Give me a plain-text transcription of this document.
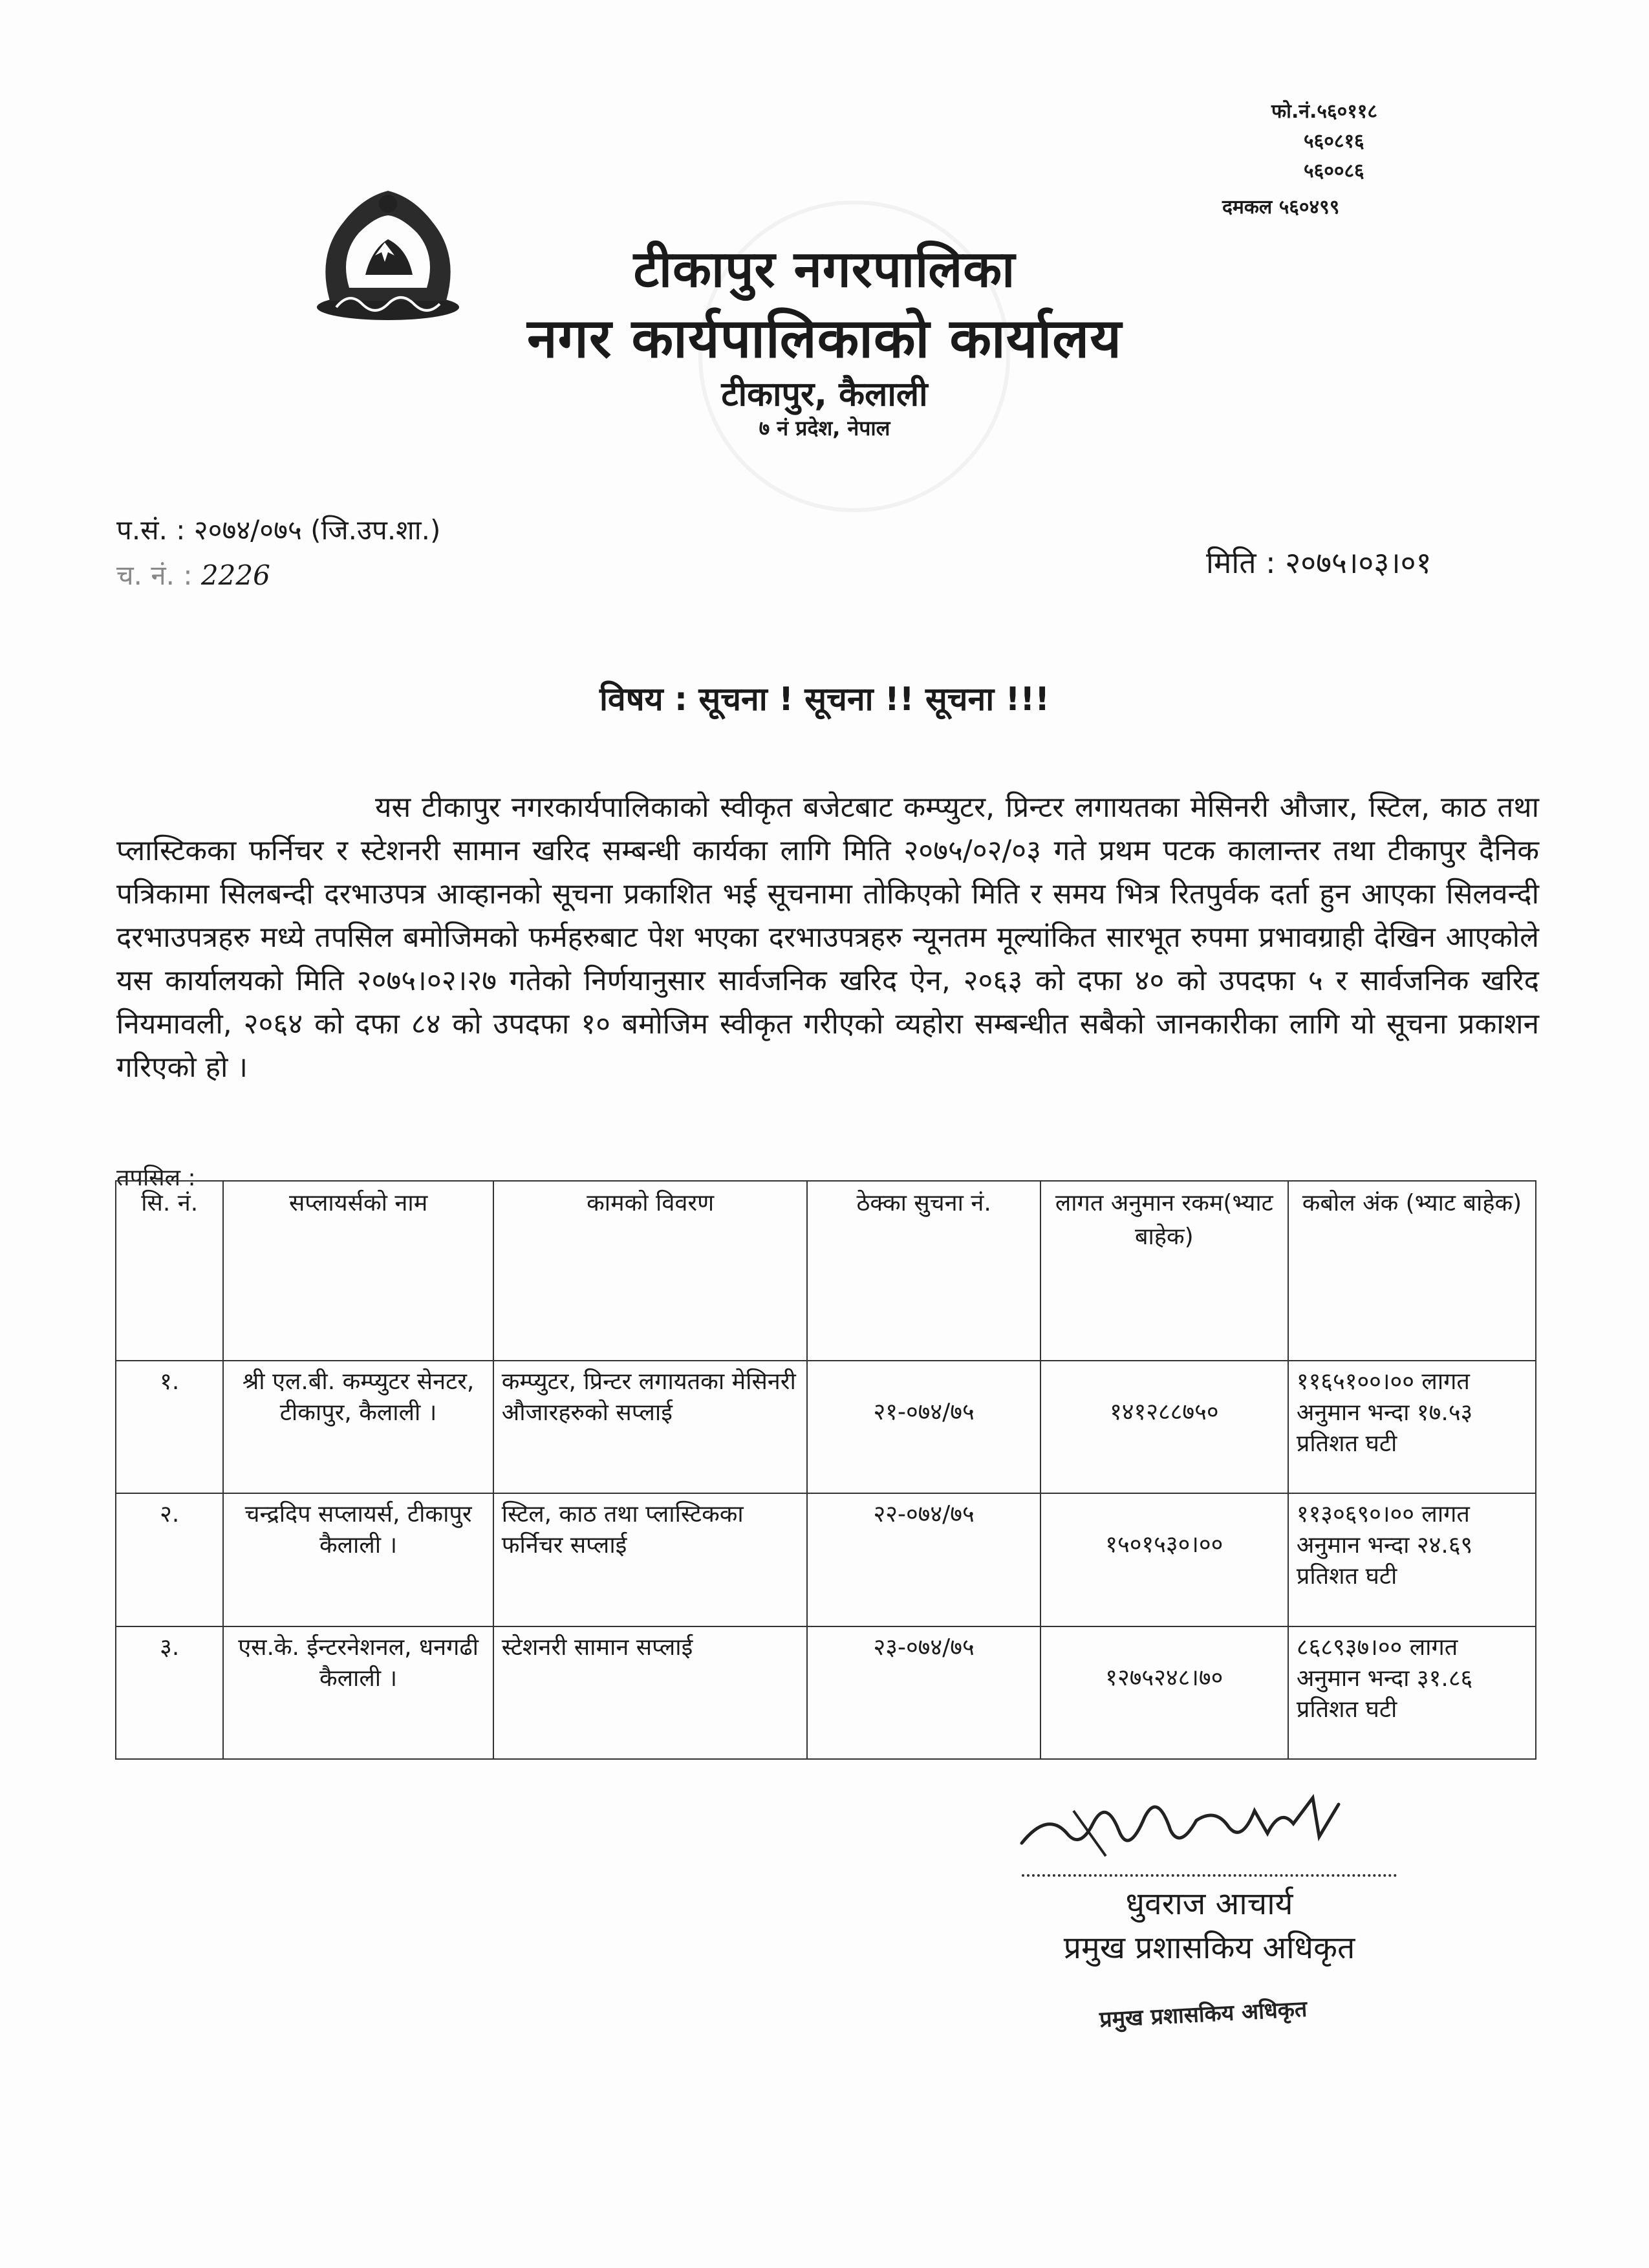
फो.नं.५६०११८
५६०८१६
५६००८६
दमकल ५६०४९९
टीकापुर नगरपालिका
नगर कार्यपालिकाको कार्यालय
टीकापुर, कैलाली
७ नं प्रदेश, नेपाल
प.सं. : २०७४/०७५ (जि.उप.शा.)
च. नं. : 2226	मिति : २०७५।०३।०१
विषय : सूचना ! सूचना !! सूचना !!!

यस टीकापुर नगरकार्यपालिकाको स्वीकृत बजेटबाट कम्प्युटर, प्रिन्टर लगायतका मेसिनरी औजार, स्टिल, काठ तथा प्लास्टिकका फर्निचर र स्टेशनरी सामान खरिद सम्बन्धी कार्यका लागि मिति २०७५/०२/०३ गते प्रथम पटक कालान्तर तथा टीकापुर दैनिक पत्रिकामा सिलबन्दी दरभाउपत्र आव्हानको सूचना प्रकाशित भई सूचनामा तोकिएको मिति र समय भित्र रितपुर्वक दर्ता हुन आएका सिलवन्दी दरभाउपत्रहरु मध्ये तपसिल बमोजिमको फर्महरुबाट पेश भएका दरभाउपत्रहरु न्यूनतम मूल्यांकित सारभूत रुपमा प्रभावग्राही देखिन आएकोले यस कार्यालयको मिति २०७५।०२।२७ गतेको निर्णयानुसार सार्वजनिक खरिद ऐन, २०६३ को दफा ४० को उपदफा ५ र सार्वजनिक खरिद नियमावली, २०६४ को दफा ८४ को उपदफा १० बमोजिम स्वीकृत गरीएको व्यहोरा सम्बन्धीत सबैको जानकारीका लागि यो सूचना प्रकाशन गरिएको हो ।

तपसिल :
सि. नं.	सप्लायर्सको नाम	कामको विवरण	ठेक्का सुचना नं.	लागत अनुमान रकम(भ्याट बाहेक)	कबोल अंक (भ्याट बाहेक)
१.	श्री एल.बी. कम्प्युटर सेनटर, टीकापुर, कैलाली ।	कम्प्युटर, प्रिन्टर लगायतका मेसिनरी औजारहरुको सप्लाई	२१-०७४/७५	१४१२८८७५०	११६५१००।०० लागत अनुमान भन्दा १७.५३ प्रतिशत घटी
२.	चन्द्रदिप सप्लायर्स, टीकापुर कैलाली ।	स्टिल, काठ तथा प्लास्टिकका फर्निचर सप्लाई	२२-०७४/७५	१५०१५३०।००	११३०६९०।०० लागत अनुमान भन्दा २४.६९ प्रतिशत घटी
३.	एस.के. ईन्टरनेशनल, धनगढी कैलाली ।	स्टेशनरी सामान सप्लाई	२३-०७४/७५	१२७५२४८।७०	८६८९३७।०० लागत अनुमान भन्दा ३१.८६ प्रतिशत घटी
धुवराज आचार्य
प्रमुख प्रशासकिय अधिकृत
प्रमुख प्रशासकिय अधिकृत
